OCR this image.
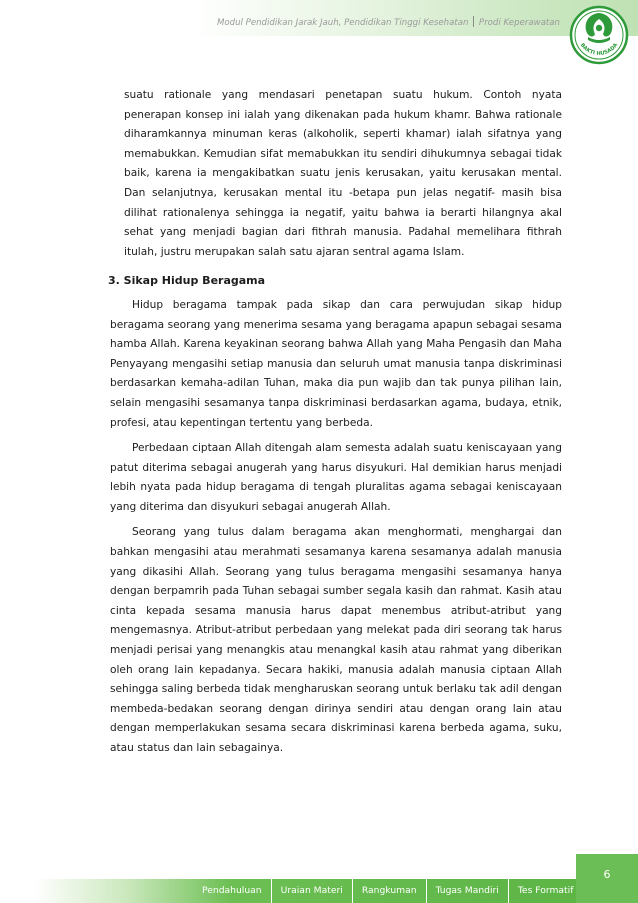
Modul Pendidikan Jarak Jauh, Pendidikan Tinggi Kesehatan Prodi Keperawatan
BAKTI HUSADA

suatu rationale yang mendasari penetapan suatu hukum. Contoh nyata penerapan konsep ini ialah yang dikenakan pada hukum khamr. Bahwa rationale diharamkannya minuman keras (alkoholik, seperti khamar) ialah sifatnya yang memabukkan. Kemudian sifat memabukkan itu sendiri dihukumnya sebagai tidak baik, karena ia mengakibatkan suatu jenis kerusakan, yaitu kerusakan mental. Dan selanjutnya, kerusakan mental itu -betapa pun jelas negatif- masih bisa dilihat rationalenya sehingga ia negatif, yaitu bahwa ia berarti hilangnya akal sehat yang menjadi bagian dari fithrah manusia. Padahal memelihara fithrah itulah, justru merupakan salah satu ajaran sentral agama Islam.

3. Sikap Hidup Beragama

Hidup beragama tampak pada sikap dan cara perwujudan sikap hidup beragama seorang yang menerima sesama yang beragama apapun sebagai sesama hamba Allah. Karena keyakinan seorang bahwa Allah yang Maha Pengasih dan Maha Penyayang mengasihi setiap manusia dan seluruh umat manusia tanpa diskriminasi berdasarkan kemaha-adilan Tuhan, maka dia pun wajib dan tak punya pilihan lain, selain mengasihi sesamanya tanpa diskriminasi berdasarkan agama, budaya, etnik, profesi, atau kepentingan tertentu yang berbeda.

Perbedaan ciptaan Allah ditengah alam semesta adalah suatu keniscayaan yang patut diterima sebagai anugerah yang harus disyukuri. Hal demikian harus menjadi lebih nyata pada hidup beragama di tengah pluralitas agama sebagai keniscayaan yang diterima dan disyukuri sebagai anugerah Allah.

Seorang yang tulus dalam beragama akan menghormati, menghargai dan bahkan mengasihi atau merahmati sesamanya karena sesamanya adalah manusia yang dikasihi Allah. Seorang yang tulus beragama mengasihi sesamanya hanya dengan berpamrih pada Tuhan sebagai sumber segala kasih dan rahmat. Kasih atau cinta kepada sesama manusia harus dapat menembus atribut-atribut yang mengemasnya. Atribut-atribut perbedaan yang melekat pada diri seorang tak harus menjadi perisai yang menangkis atau menangkal kasih atau rahmat yang diberikan oleh orang lain kepadanya. Secara hakiki, manusia adalah manusia ciptaan Allah sehingga saling berbeda tidak mengharuskan seorang untuk berlaku tak adil dengan membeda-bedakan seorang dengan dirinya sendiri atau dengan orang lain atau dengan memperlakukan sesama secara diskriminasi karena berbeda agama, suku, atau status dan lain sebagainya.

Pendahuluan	Uraian Materi	Rangkuman	Tugas Mandiri	Tes Formatif
6
